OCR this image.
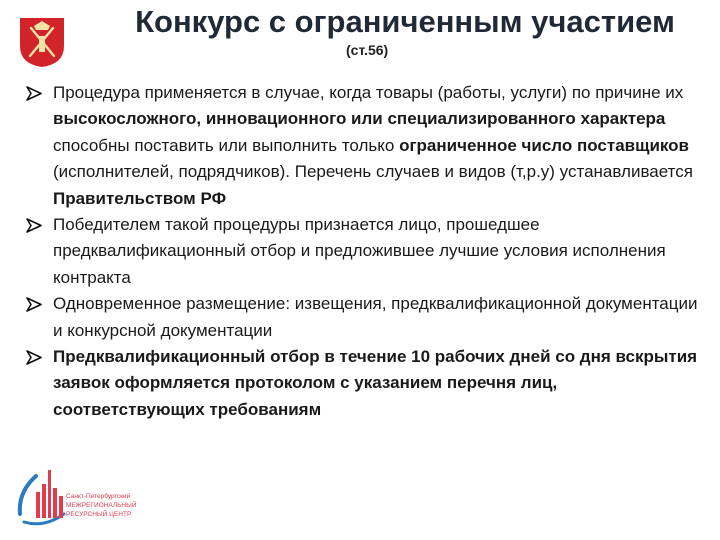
Конкурс с ограниченным участием
(ст.56)
Процедура применяется в случае, когда товары (работы, услуги) по причине их высокосложного, инновационного или специализированного характера способны поставить или выполнить только ограниченное число поставщиков (исполнителей, подрядчиков). Перечень случаев и видов (т,р.у) устанавливается Правительством РФ
Победителем такой процедуры признается лицо, прошедшее предквалификационный отбор и предложившее лучшие условия исполнения контракта
Одновременное размещение: извещения, предквалификационной документации и конкурсной документации
Предквалификационный отбор в течение 10 рабочих дней со дня вскрытия заявок оформляется протоколом с указанием перечня лиц, соответствующих требованиям
Санкт-Петербургский
МЕЖРЕГИОНАЛЬНЫЙ
РЕСУРСНЫЙ ЦЕНТР
